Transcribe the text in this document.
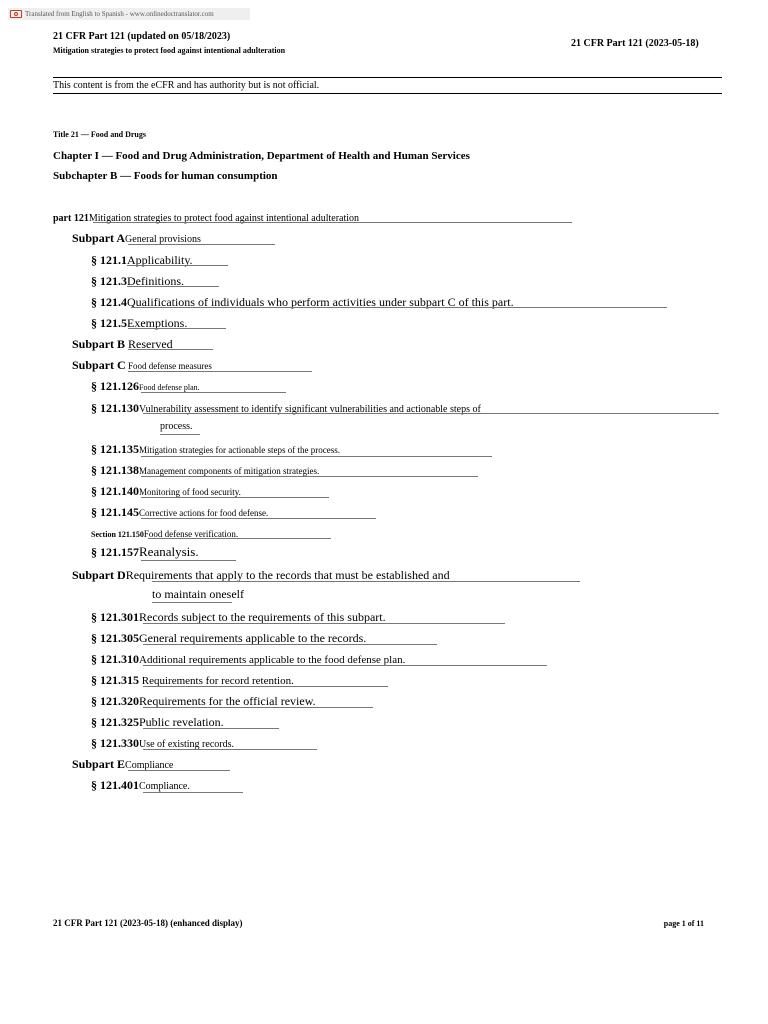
Translated from English to Spanish - www.onlinedoctranslator.com
21 CFR Part 121 (updated on 05/18/2023)
Mitigation strategies to protect food against intentional adulteration
21 CFR Part 121 (2023-05-18)
This content is from the eCFR and has authority but is not official.
Title 21 — Food and Drugs
Chapter I — Food and Drug Administration, Department of Health and Human Services
Subchapter B — Foods for human consumption
part 121Mitigation strategies to protect food against intentional adulteration
Subpart AGeneral provisions
§ 121.1Applicability.
§ 121.3Definitions.
§ 121.4Qualifications of individuals who perform activities under subpart C of this part.
§ 121.5Exemptions.
Subpart B Reserved
Subpart C Food defense measures
§ 121.126Food defense plan.
§ 121.130Vulnerability assessment to identify significant vulnerabilities and actionable steps of
process.
§ 121.135Mitigation strategies for actionable steps of the process.
§ 121.138Management components of mitigation strategies.
§ 121.140Monitoring of food security.
§ 121.145Corrective actions for food defense.
Section 121.150Food defense verification.
§ 121.157Reanalysis.
Subpart DRequirements that apply to the records that must be established and
to maintain oneself
§ 121.301Records subject to the requirements of this subpart.
§ 121.305General requirements applicable to the records.
§ 121.310Additional requirements applicable to the food defense plan.
§ 121.315 Requirements for record retention.
§ 121.320Requirements for the official review.
§ 121.325Public revelation.
§ 121.330Use of existing records.
Subpart ECompliance
§ 121.401Compliance.
21 CFR Part 121 (2023-05-18) (enhanced display)	page 1 of 11
